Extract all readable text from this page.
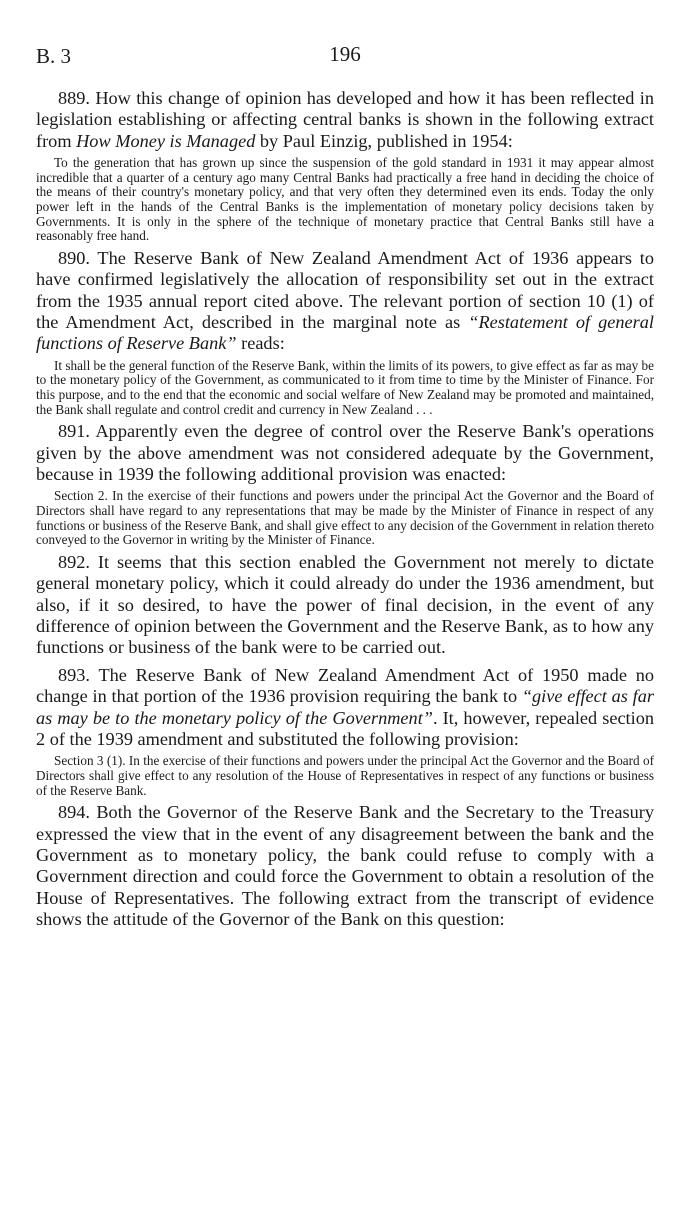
B. 3	196

889. How this change of opinion has developed and how it has been reflected in legislation establishing or affecting central banks is shown in the following extract from How Money is Managed by Paul Einzig, published in 1954:

To the generation that has grown up since the suspension of the gold standard in 1931 it may appear almost incredible that a quarter of a century ago many Central Banks had practically a free hand in deciding the choice of the means of their country's monetary policy, and that very often they determined even its ends. Today the only power left in the hands of the Central Banks is the implementation of monetary policy decisions taken by Governments. It is only in the sphere of the technique of monetary practice that Central Banks still have a reasonably free hand.

890. The Reserve Bank of New Zealand Amendment Act of 1936 appears to have confirmed legislatively the allocation of responsibility set out in the extract from the 1935 annual report cited above. The relevant portion of section 10 (1) of the Amendment Act, described in the marginal note as “Restatement of general functions of Reserve Bank” reads:

It shall be the general function of the Reserve Bank, within the limits of its powers, to give effect as far as may be to the monetary policy of the Government, as communicated to it from time to time by the Minister of Finance. For this purpose, and to the end that the economic and social welfare of New Zealand may be promoted and maintained, the Bank shall regulate and control credit and currency in New Zealand . . .

891. Apparently even the degree of control over the Reserve Bank's operations given by the above amendment was not considered adequate by the Government, because in 1939 the following additional provision was enacted:

Section 2. In the exercise of their functions and powers under the principal Act the Governor and the Board of Directors shall have regard to any representations that may be made by the Minister of Finance in respect of any functions or business of the Reserve Bank, and shall give effect to any decision of the Government in relation thereto conveyed to the Governor in writing by the Minister of Finance.

892. It seems that this section enabled the Government not merely to dictate general monetary policy, which it could already do under the 1936 amendment, but also, if it so desired, to have the power of final decision, in the event of any difference of opinion between the Government and the Reserve Bank, as to how any functions or business of the bank were to be carried out.

893. The Reserve Bank of New Zealand Amendment Act of 1950 made no change in that portion of the 1936 provision requiring the bank to “give effect as far as may be to the monetary policy of the Government”. It, however, repealed section 2 of the 1939 amendment and substituted the following provision:

Section 3 (1). In the exercise of their functions and powers under the principal Act the Governor and the Board of Directors shall give effect to any resolution of the House of Representatives in respect of any functions or business of the Reserve Bank.

894. Both the Governor of the Reserve Bank and the Secretary to the Treasury expressed the view that in the event of any disagreement between the bank and the Government as to monetary policy, the bank could refuse to comply with a Government direction and could force the Government to obtain a resolution of the House of Representatives. The following extract from the transcript of evidence shows the attitude of the Governor of the Bank on this question:
